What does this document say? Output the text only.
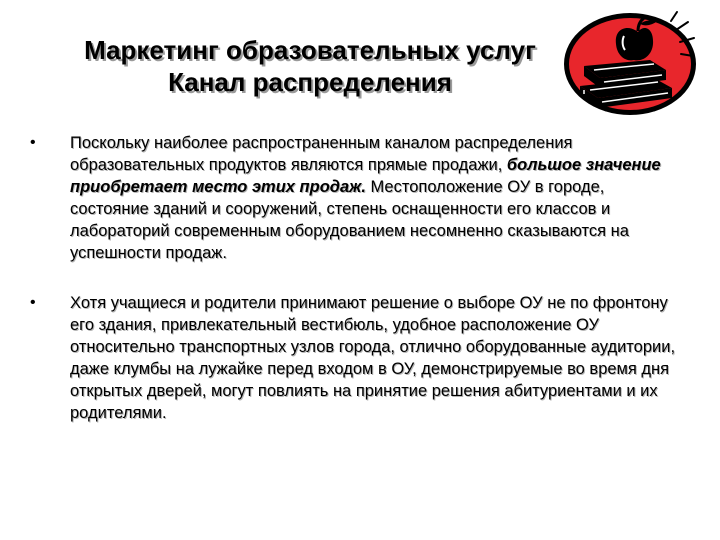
Маркетинг образовательных услуг
Канал распределения
• Поскольку наиболее распространенным каналом распределения образовательных продуктов являются прямые продажи, большое значение приобретает место этих продаж. Местоположение ОУ в городе, состояние зданий и сооружений, степень оснащенности его классов и лабораторий современным оборудованием несомненно сказываются на успешности продаж.
• Хотя учащиеся и родители принимают решение о выборе ОУ не по фронтону его здания, привлекательный вестибюль, удобное расположение ОУ относительно транспортных узлов города, отлично оборудованные аудитории, даже клумбы на лужайке перед входом в ОУ, демонстрируемые во время дня открытых дверей, могут повлиять на принятие решения абитуриентами и их родителями.
